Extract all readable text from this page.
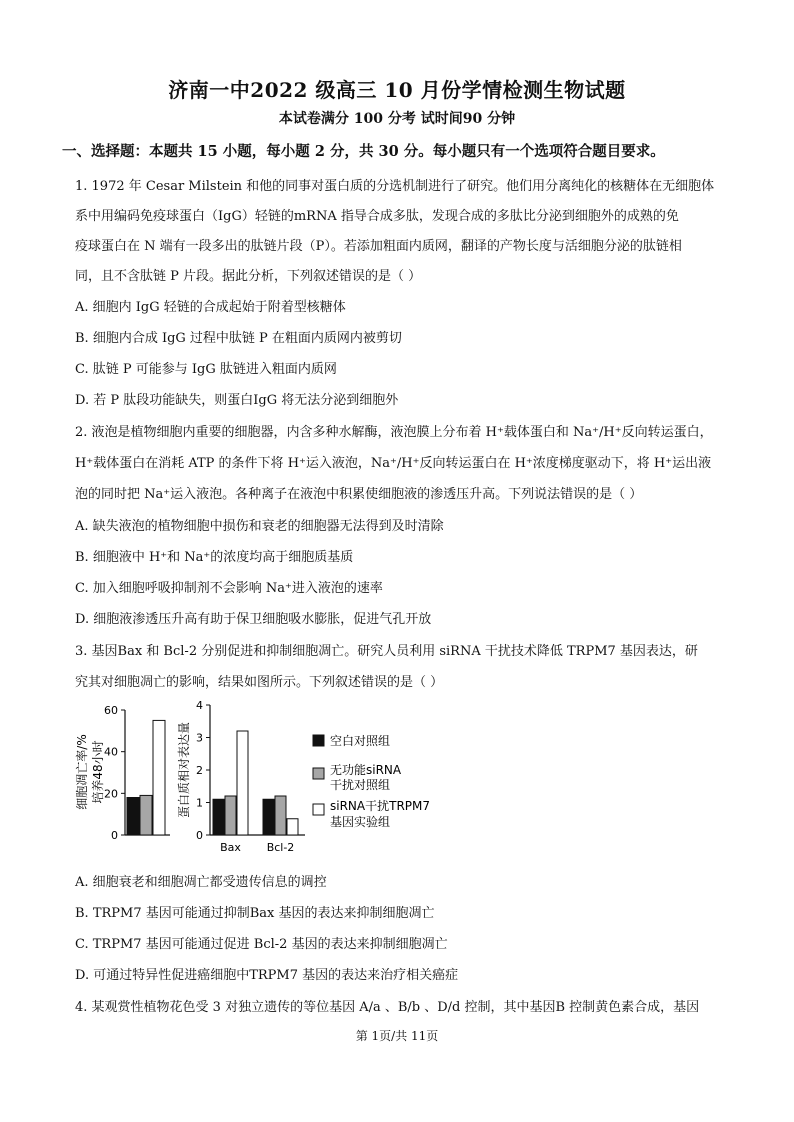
济南一中2022 级高三 10 月份学情检测生物试题
本试卷满分 100 分考 试时间90 分钟
一、选择题：本题共 15 小题，每小题 2 分，共 30 分。每小题只有一个选项符合题目要求。
1. 1972 年 Cesar Milstein 和他的同事对蛋白质的分选机制进行了研究。他们用分离纯化的核糖体在无细胞体
系中用编码免疫球蛋白（IgG）轻链的mRNA 指导合成多肽，发现合成的多肽比分泌到细胞外的成熟的免
疫球蛋白在 N 端有一段多出的肽链片段（P）。若添加粗面内质网，翻译的产物长度与活细胞分泌的肽链相
同，且不含肽链 P 片段。据此分析，下列叙述错误的是（ ）
A. 细胞内 IgG 轻链的合成起始于附着型核糖体
B. 细胞内合成 IgG 过程中肽链 P 在粗面内质网内被剪切
C. 肽链 P 可能参与 IgG 肽链进入粗面内质网
D. 若 P 肽段功能缺失，则蛋白IgG 将无法分泌到细胞外
2. 液泡是植物细胞内重要的细胞器，内含多种水解酶，液泡膜上分布着 H⁺载体蛋白和 Na⁺/H⁺反向转运蛋白，
H⁺载体蛋白在消耗 ATP 的条件下将 H⁺运入液泡，Na⁺/H⁺反向转运蛋白在 H⁺浓度梯度驱动下，将 H⁺运出液
泡的同时把 Na⁺运入液泡。各种离子在液泡中积累使细胞液的渗透压升高。下列说法错误的是（ ）
A. 缺失液泡的植物细胞中损伤和衰老的细胞器无法得到及时清除
B. 细胞液中 H⁺和 Na⁺的浓度均高于细胞质基质
C. 加入细胞呼吸抑制剂不会影响 Na⁺进入液泡的速率
D. 细胞液渗透压升高有助于保卫细胞吸水膨胀，促进气孔开放
3. 基因Bax 和 Bcl-2 分别促进和抑制细胞凋亡。研究人员利用 siRNA 干扰技术降低 TRPM7 基因表达，研
究其对细胞凋亡的影响，结果如图所示。下列叙述错误的是（ ）
培养48小时
细胞凋亡率/%
0
20
40
60
蛋白质相对表达量
0
1
2
3
4
Bax Bcl-2
空白对照组
无功能siRNA
干扰对照组
siRNA干扰TRPM7
基因实验组
A. 细胞衰老和细胞凋亡都受遗传信息的调控
B. TRPM7 基因可能通过抑制Bax 基因的表达来抑制细胞凋亡
C. TRPM7 基因可能通过促进 Bcl-2 基因的表达来抑制细胞凋亡
D. 可通过特异性促进癌细胞中TRPM7 基因的表达来治疗相关癌症
4. 某观赏性植物花色受 3 对独立遗传的等位基因 A/a 、B/b 、D/d 控制，其中基因B 控制黄色素合成，基因
第 1页/共 11页
